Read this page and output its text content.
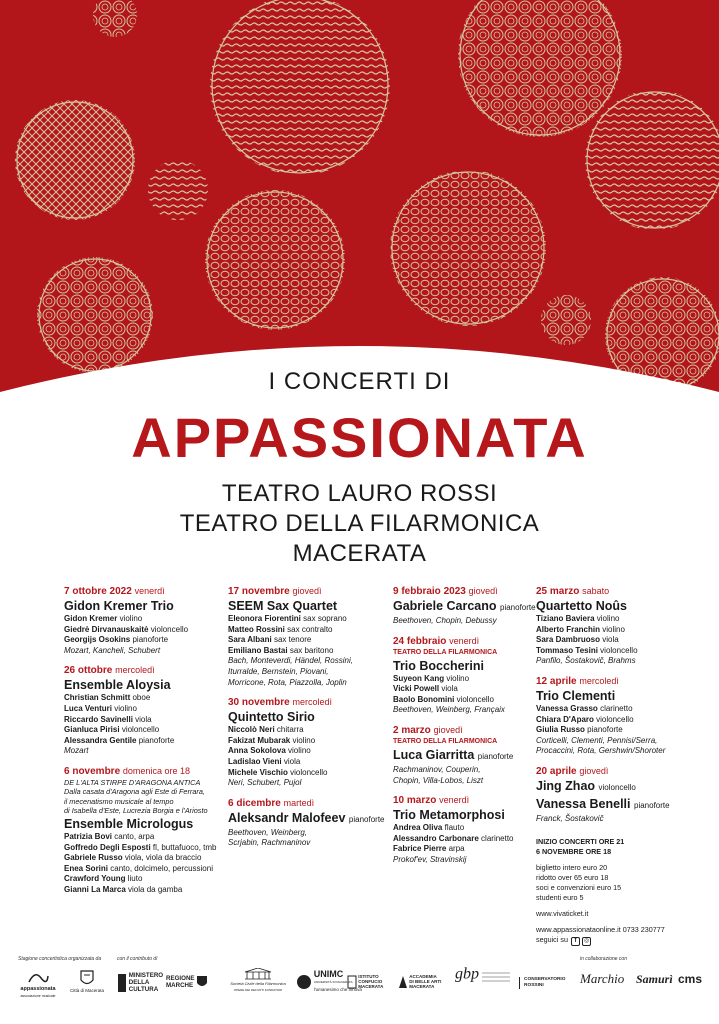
I CONCERTI DI
APPASSIONATA
TEATRO LAURO ROSSI
TEATRO DELLA FILARMONICA
MACERATA
7 ottobre 2022 venerdì
Gidon Kremer Trio
Gidon Kremer violino
Giedrė Dirvanauskaitė violoncello
Georgijs Osokins pianoforte
Mozart, Kancheli, Schubert
26 ottobre mercoledì
Ensemble Aloysia
Christian Schmitt oboe
Luca Venturi violino
Riccardo Savinelli viola
Gianluca Pirisi violoncello
Alessandra Gentile pianoforte
Mozart
6 novembre domenica ore 18
DE L'ALTA STIRPE D'ARAGONA ANTICA
Dalla casata d'Aragona agli Este di Ferrara,
il mecenatismo musicale al tempo
di Isabella d'Este, Lucrezia Borgia e l'Ariosto
Ensemble Micrologus
Patrizia Bovi canto, arpa
Goffredo Degli Esposti fl, buttafuoco, tmb
Gabriele Russo viola, viola da braccio
Enea Sorini canto, dolcimelo, percussioni
Crawford Young liuto
Gianni La Marca viola da gamba
17 novembre giovedì
SEEM Sax Quartet
Eleonora Fiorentini sax soprano
Matteo Rossini sax contralto
Sara Albani sax tenore
Emiliano Bastai sax baritono
Bach, Monteverdi, Händel, Rossini,
Iturralde, Bernstein, Piovani,
Morricone, Rota, Piazzolla, Joplin
30 novembre mercoledì
Quintetto Sirio
Niccolò Neri chitarra
Fakizat Mubarak violino
Anna Sokolova violino
Ladislao Vieni viola
Michele Vischio violoncello
Neri, Schubert, Pujol
6 dicembre martedì
Aleksandr Malofeev pianoforte
Beethoven, Weinberg,
Scrjabin, Rachmaninov
9 febbraio 2023 giovedì
Gabriele Carcano pianoforte
Beethoven, Chopin, Debussy
24 febbraio venerdì
TEATRO DELLA FILARMONICA
Trio Boccherini
Suyeon Kang violino
Vicki Powell viola
Baolo Bonomini violoncello
Beethoven, Weinberg, Françaix
2 marzo giovedì
TEATRO DELLA FILARMONICA
Luca Giarritta pianoforte
Rachmaninov, Couperin,
Chopin, Villa-Lobos, Liszt
10 marzo venerdì
Trio Metamorphosi
Andrea Oliva flauto
Alessandro Carbonare clarinetto
Fabrice Pierre arpa
Prokof'ev, Stravinskij
25 marzo sabato
Quartetto Noûs
Tiziano Baviera violino
Alberto Franchin violino
Sara Dambruoso viola
Tommaso Tesini violoncello
Panfilo, Šostakovič, Brahms
12 aprile mercoledì
Trio Clementi
Vanessa Grasso clarinetto
Chiara D'Aparo violoncello
Giulia Russo pianoforte
Corticelli, Clementi, Pennisi/Serra,
Procaccini, Rota, Gershwin/Shoroter
20 aprile giovedì
Jing Zhao violoncello
Vanessa Benelli pianoforte
Franck, Šostakovič
INIZIO CONCERTI ORE 21
6 NOVEMBRE ORE 18
biglietto intero euro 20
ridotto over 65 euro 18
soci e convenzioni euro 15
studenti euro 5
www.vivaticket.it
www.appassionataonline.it 0733 230777
seguici su f ◎
Stagione concertistica organizzata da	con il contributo di	in collaborazione con
appassionata
associazione musicale
Città di Macerata

MINISTERO
DELLA
CULTURA
REGIONE
MARCHE
	Società Civile della Filarmonica
OPERE DEI DEFUNTI FONDATORI

UNIMC
UNIVERSITÀ DI MACERATA
l'umanesimo che innova

ISTITUTO
CONFUCIO
MACERATA

ACCADEMIA
DI BELLE ARTI
MACERATA
gbp	CONSERVATORIO
ROSSINI	Marchio Samurì cms
